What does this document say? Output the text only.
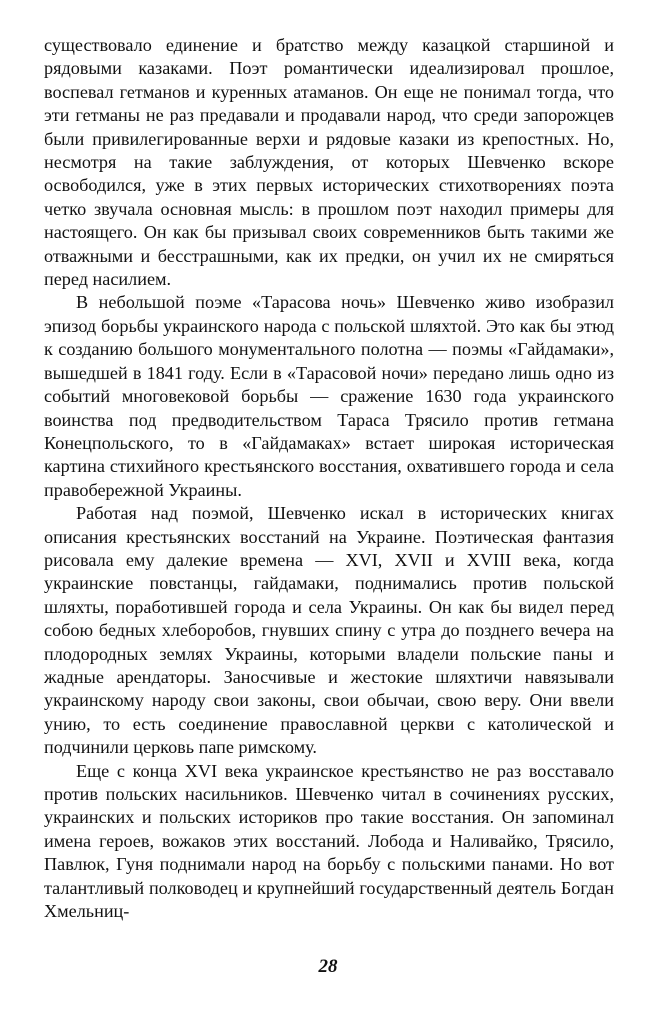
существовало единение и братство между казацкой старшиной и рядовыми казаками. Поэт романтически идеализировал прошлое, воспевал гетманов и куренных атаманов. Он еще не понимал тогда, что эти гетманы не раз предавали и продавали народ, что среди запорожцев были привилегированные верхи и рядовые казаки из крепостных. Но, несмотря на такие заблуждения, от которых Шевченко вскоре освободился, уже в этих первых исторических стихотворениях поэта четко звучала основная мысль: в прошлом поэт находил примеры для настоящего. Он как бы призывал своих современников быть такими же отважными и бесстрашными, как их предки, он учил их не смиряться перед насилием.

В небольшой поэме «Тарасова ночь» Шевченко живо изобразил эпизод борьбы украинского народа с польской шляхтой. Это как бы этюд к созданию большого монументального полотна — поэмы «Гайдамаки», вышедшей в 1841 году. Если в «Тарасовой ночи» передано лишь одно из событий многовековой борьбы — сражение 1630 года украинского воинства под предводительством Тараса Трясило против гетмана Конецпольского, то в «Гайдамаках» встает широкая историческая картина стихийного крестьянского восстания, охватившего города и села правобережной Украины.

Работая над поэмой, Шевченко искал в исторических книгах описания крестьянских восстаний на Украине. Поэтическая фантазия рисовала ему далекие времена — XVI, XVII и XVIII века, когда украинские повстанцы, гайдамаки, поднимались против польской шляхты, поработившей города и села Украины. Он как бы видел перед собою бедных хлеборобов, гнувших спину с утра до позднего вечера на плодородных землях Украины, которыми владели польские паны и жадные арендаторы. Заносчивые и жестокие шляхтичи навязывали украинскому народу свои законы, свои обычаи, свою веру. Они ввели унию, то есть соединение православной церкви с католической и подчинили церковь папе римскому.

Еще с конца XVI века украинское крестьянство не раз восставало против польских насильников. Шевченко читал в сочинениях русских, украинских и польских историков про такие восстания. Он запоминал имена героев, вожаков этих восстаний. Лобода и Наливайко, Трясило, Павлюк, Гуня поднимали народ на борьбу с польскими панами. Но вот талантливый полководец и крупнейший государственный деятель Богдан Хмельниц-

28
